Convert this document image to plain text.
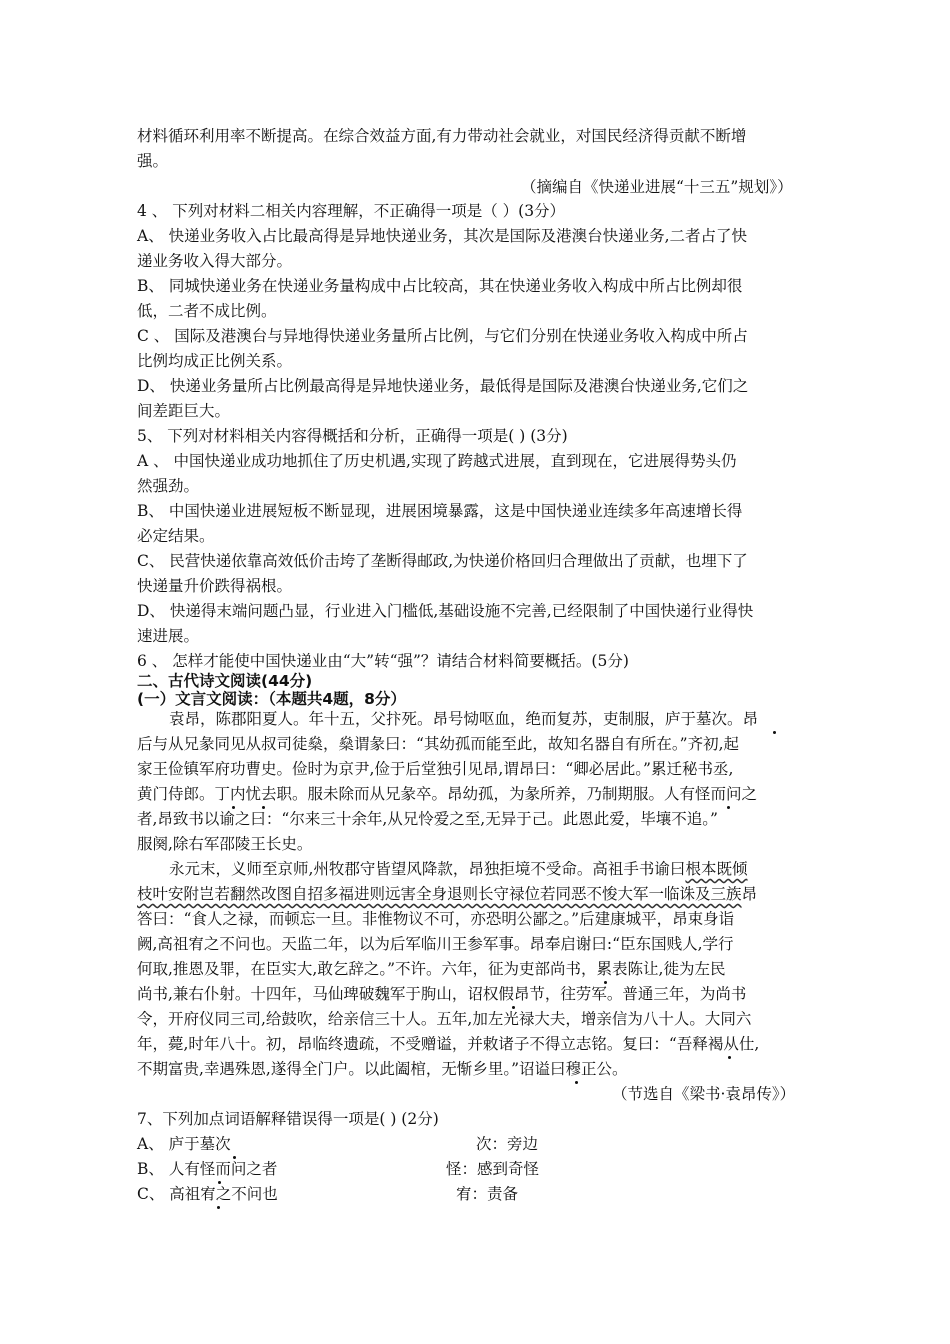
材料循环利用率不断提高。在综合效益方面,有力带动社会就业，对国民经济得贡献不断增
强。
（摘编自《快递业进展“十三五”规划》）
4 、 下列对材料二相关内容理解，不正确得一项是（ ）(3分）
A、 快递业务收入占比最高得是异地快递业务，其次是国际及港澳台快递业务,二者占了快
递业务收入得大部分。
B、 同城快递业务在快递业务量构成中占比较高，其在快递业务收入构成中所占比例却很
低，二者不成比例。
C 、 国际及港澳台与异地得快递业务量所占比例，与它们分别在快递业务收入构成中所占
比例均成正比例关系。
D、 快递业务量所占比例最高得是异地快递业务，最低得是国际及港澳台快递业务,它们之
间差距巨大。
5、 下列对材料相关内容得概括和分析，正确得一项是( ) (3分)
A 、 中国快递业成功地抓住了历史机遇,实现了跨越式进展，直到现在，它进展得势头仍
然强劲。
B、 中国快递业进展短板不断显现，进展困境暴露，这是中国快递业连续多年高速增长得
必定结果。
C、 民营快递依靠高效低价击垮了垄断得邮政,为快递价格回归合理做出了贡献，也埋下了
快递量升价跌得祸根。
D、 快递得末端问题凸显，行业进入门槛低,基础设施不完善,已经限制了中国快递行业得快
速进展。
6 、 怎样才能使中国快递业由“大”转“强”？请结合材料简要概括。(5分)
二、古代诗文阅读(44分)
(一）文言文阅读：（本题共4题，8分）
袁昂，陈郡阳夏人。年十五，父抃死。昂号恸呕血，绝而复苏，吏制服，庐于墓次。昂
后与从兄彖同见从叔司徒燊，燊谓彖曰：“其幼孤而能至此，故知名器自有所在。”齐初,起
家王俭镇军府功曹史。俭时为京尹,俭于后堂独引见昂,谓昂曰：“卿必居此。”累迁秘书丞,
黄门侍郎。丁内忧去职。服未除而从兄彖卒。昂幼孤，为彖所养，乃制期服。人有怪而问之
者,昂致书以谕之曰：“尔来三十余年,从兄怜爱之至,无异于己。此恩此爱，毕壤不追。”
服阕,除右军邵陵王长史。
永元末，义师至京师,州牧郡守皆望风降款，昂独拒境不受命。高祖手书谕曰根本既倾
枝叶安附岂若翻然改图自招多福进则远害全身退则长守禄位若同恶不悛大军一临诛及三族昂
答曰：“食人之禄，而顿忘一旦。非惟物议不可，亦恐明公鄙之。”后建康城平，昂束身诣
阙,高祖宥之不问也。天监二年，以为后军临川王参军事。昂奉启谢曰:“臣东国贱人,学行
何取,推恩及罪，在臣实大,敢乞辞之。”不许。六年，征为吏部尚书，累表陈让,徙为左民
尚书,兼右仆射。十四年，马仙琕破魏军于朐山，诏权假昂节，往劳军。普通三年，为尚书
令，开府仪同三司,给鼓吹，给亲信三十人。五年,加左光禄大夫，增亲信为八十人。大同六
年，薨,时年八十。初，昂临终遗疏，不受赠谥，并敕诸子不得立志铭。复曰：“吾释褐从仕,
不期富贵,幸遇殊恩,遂得全门户。以此阖棺，无惭乡里。”诏谥曰穆正公。
（节选自《梁书·袁昂传》）
7、下列加点词语解释错误得一项是( ) (2分)
A、 庐于墓次	次：旁边
B、 人有怪而问之者	怪：感到奇怪
C、 高祖宥之不问也	宥：责备
